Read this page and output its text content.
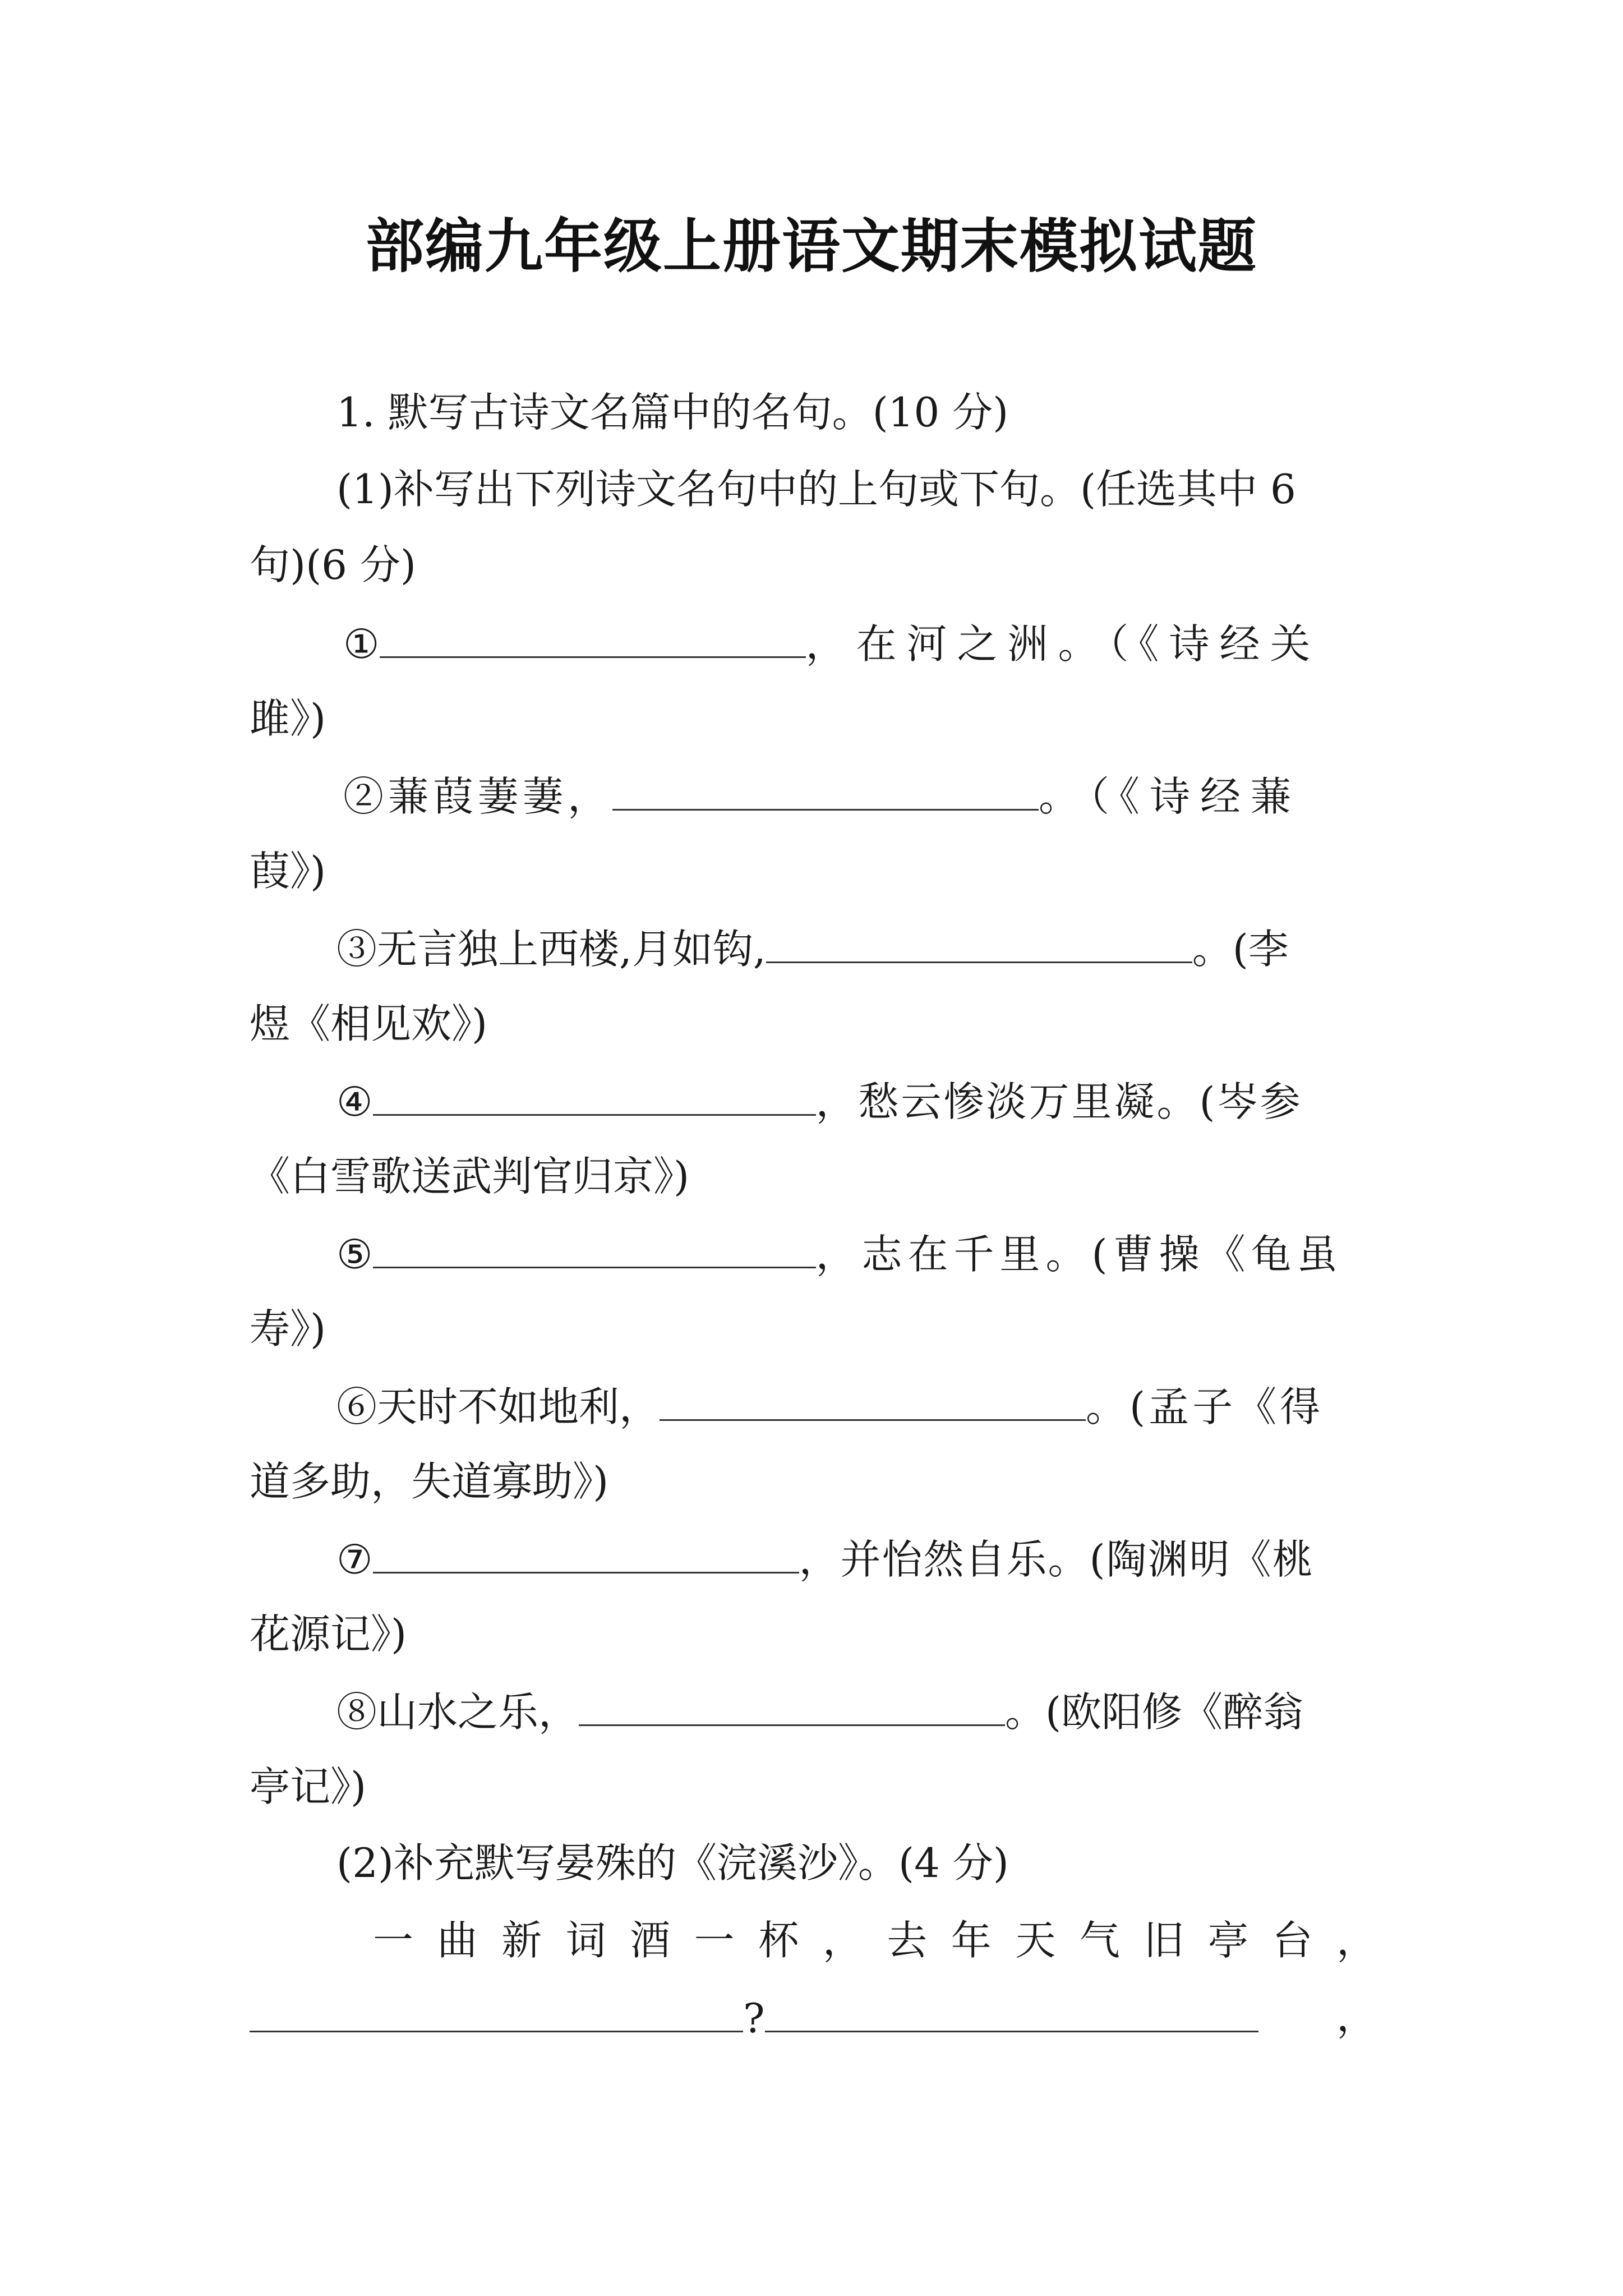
部编九年级上册语文期末模拟试题
1. 默写古诗文名篇中的名句。(10 分)
(1)补写出下列诗文名句中的上句或下句。(任选其中 6
句)(6 分)
①	，在河之洲。（《诗经关
雎》)
②蒹葭萋萋，	。（《诗经蒹
葭》)
③无言独上西楼,月如钩,	。(李
煜《相见欢》)
④	，愁云惨淡万里凝。(岑参
《白雪歌送武判官归京》)
⑤	，志在千里。(曹操《龟虽
寿》)
⑥天时不如地利，	。(孟子《得
道多助，失道寡助》)
⑦	，并怡然自乐。(陶渊明《桃
花源记》)
⑧山水之乐，	。(欧阳修《醉翁
亭记》)
(2)补充默写晏殊的《浣溪沙》。(4 分)
一 曲 新 词 酒 一 杯 ， 去 年 天 气 旧 亭 台 ，
?	，
